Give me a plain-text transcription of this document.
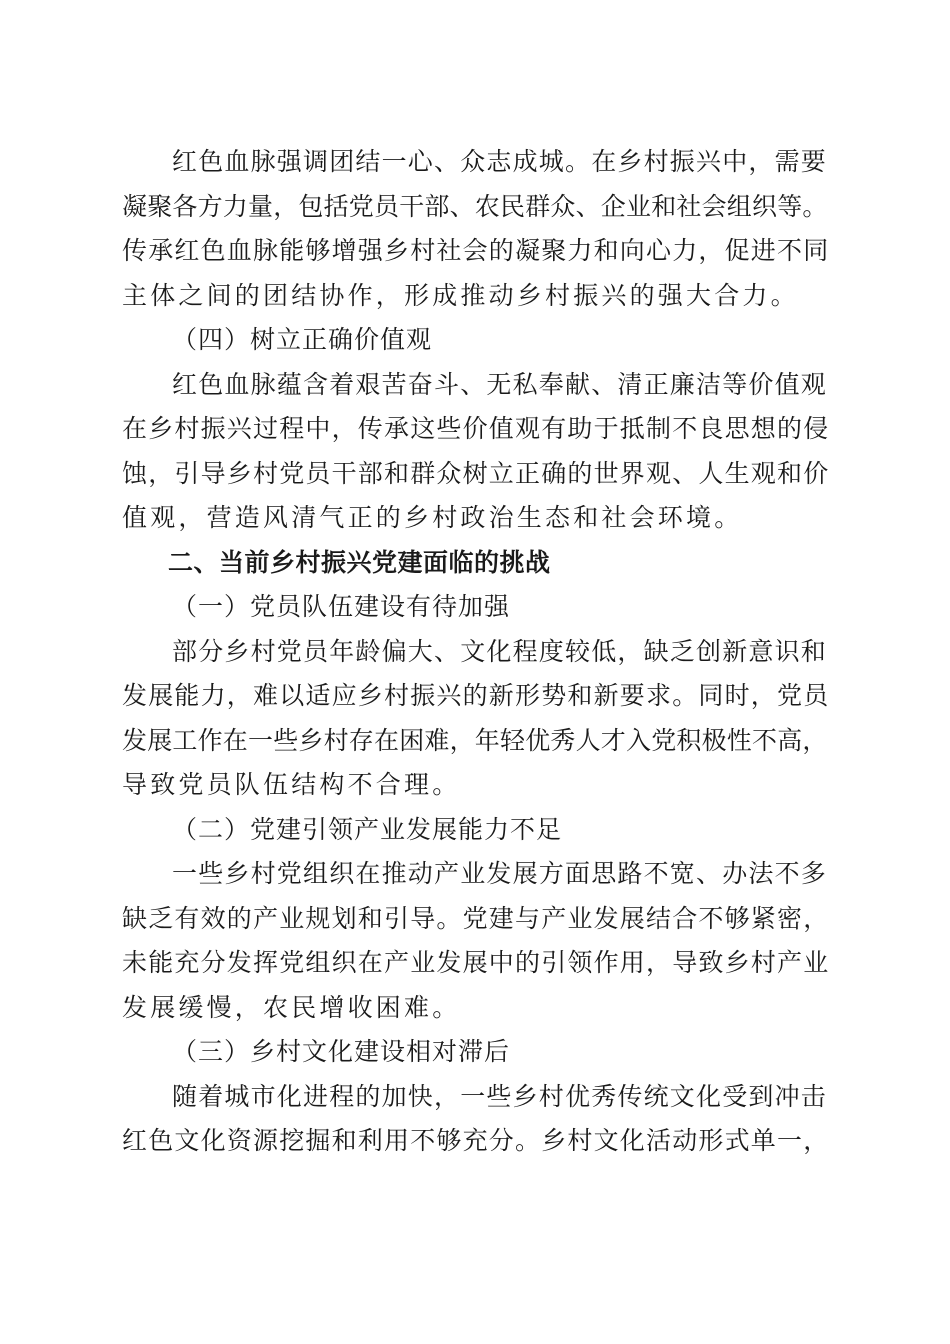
红色血脉强调团结一心、众志成城。在乡村振兴中，需要
凝聚各方力量，包括党员干部、农民群众、企业和社会组织等。
传承红色血脉能够增强乡村社会的凝聚力和向心力，促进不同
主体之间的团结协作，形成推动乡村振兴的强大合力。
（四）树立正确价值观
红色血脉蕴含着艰苦奋斗、无私奉献、清正廉洁等价值观
在乡村振兴过程中，传承这些价值观有助于抵制不良思想的侵
蚀，引导乡村党员干部和群众树立正确的世界观、人生观和价
值观，营造风清气正的乡村政治生态和社会环境。
二、当前乡村振兴党建面临的挑战
（一）党员队伍建设有待加强
部分乡村党员年龄偏大、文化程度较低，缺乏创新意识和
发展能力，难以适应乡村振兴的新形势和新要求。同时，党员
发展工作在一些乡村存在困难，年轻优秀人才入党积极性不高，
导致党员队伍结构不合理。
（二）党建引领产业发展能力不足
一些乡村党组织在推动产业发展方面思路不宽、办法不多
缺乏有效的产业规划和引导。党建与产业发展结合不够紧密，
未能充分发挥党组织在产业发展中的引领作用，导致乡村产业
发展缓慢，农民增收困难。
（三）乡村文化建设相对滞后
随着城市化进程的加快，一些乡村优秀传统文化受到冲击
红色文化资源挖掘和利用不够充分。乡村文化活动形式单一，
